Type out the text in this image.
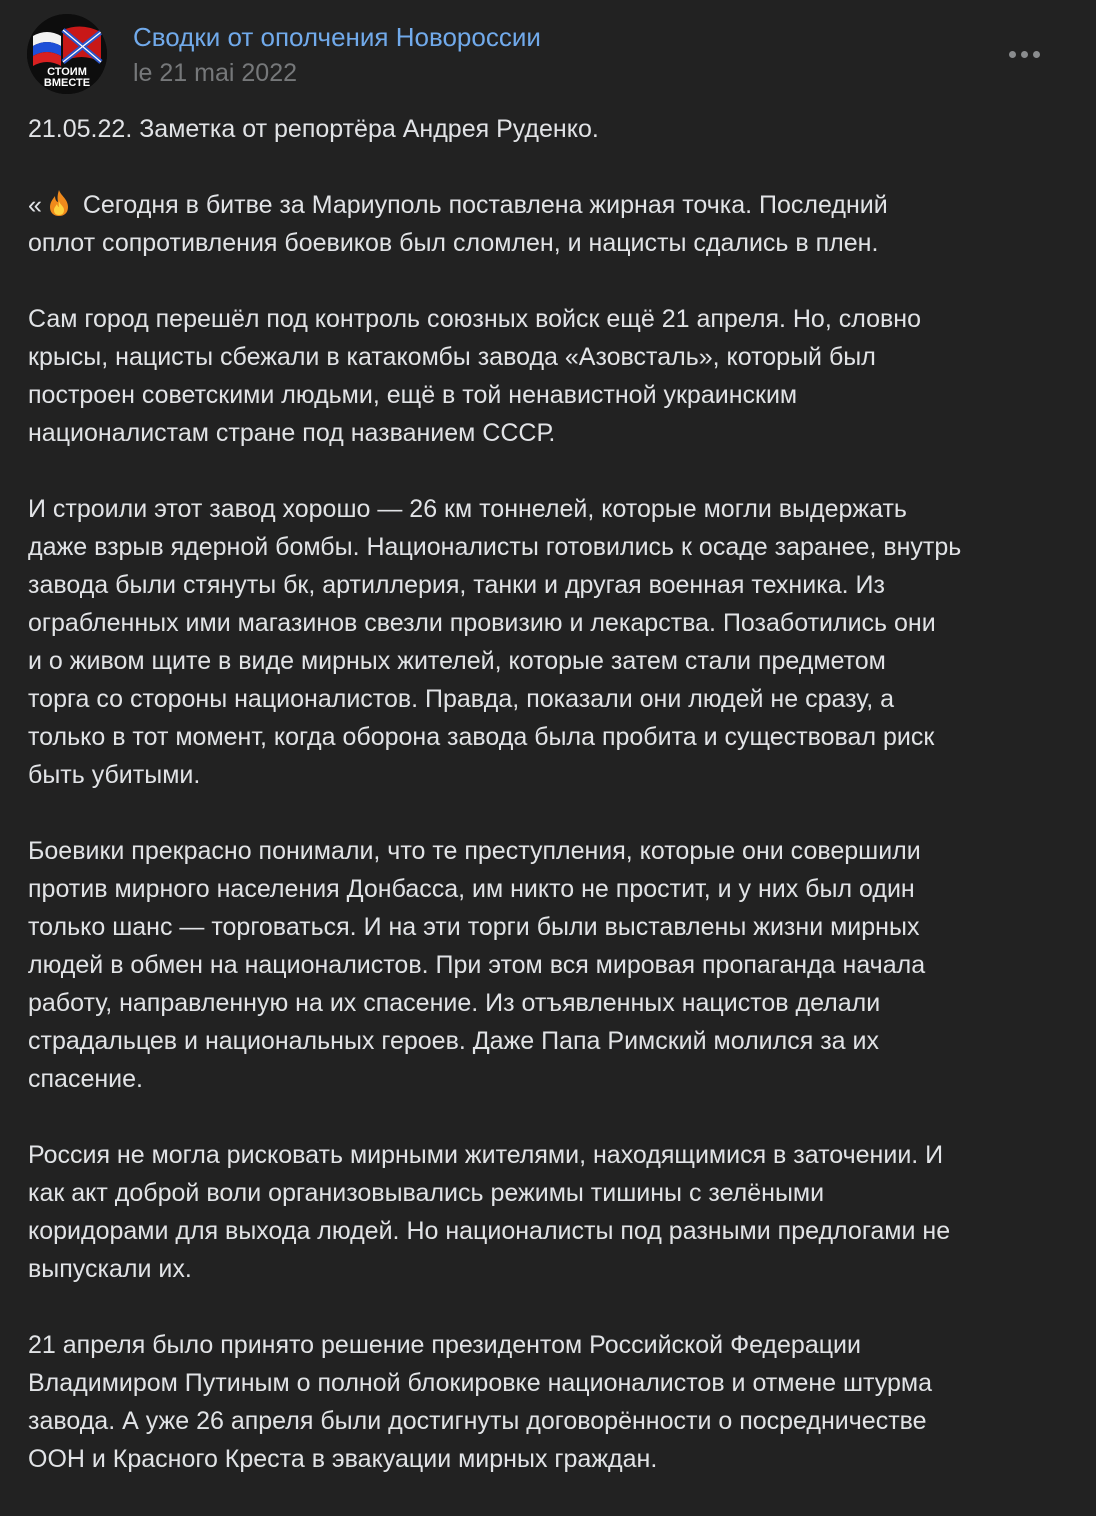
СТОИМ
ВМЕСТЕ
Сводки от ополчения Новороссии
le 21 mai 2022

21.05.22. Заметка от репортёра Андрея Руденко.

« Сегодня в битве за Мариуполь поставлена жирная точка. Последний
оплот сопротивления боевиков был сломлен, и нацисты сдались в плен.

Сам город перешёл под контроль союзных войск ещё 21 апреля. Но, словно
крысы, нацисты сбежали в катакомбы завода «Азовсталь», который был
построен советскими людьми, ещё в той ненавистной украинским
националистам стране под названием СССР.

И строили этот завод хорошо — 26 км тоннелей, которые могли выдержать
даже взрыв ядерной бомбы. Националисты готовились к осаде заранее, внутрь
завода были стянуты бк, артиллерия, танки и другая военная техника. Из
ограбленных ими магазинов свезли провизию и лекарства. Позаботились они
и о живом щите в виде мирных жителей, которые затем стали предметом
торга со стороны националистов. Правда, показали они людей не сразу, а
только в тот момент, когда оборона завода была пробита и существовал риск
быть убитыми.

Боевики прекрасно понимали, что те преступления, которые они совершили
против мирного населения Донбасса, им никто не простит, и у них был один
только шанс — торговаться. И на эти торги были выставлены жизни мирных
людей в обмен на националистов. При этом вся мировая пропаганда начала
работу, направленную на их спасение. Из отъявленных нацистов делали
страдальцев и национальных героев. Даже Папа Римский молился за их
спасение.

Россия не могла рисковать мирными жителями, находящимися в заточении. И
как акт доброй воли организовывались режимы тишины с зелёными
коридорами для выхода людей. Но националисты под разными предлогами не
выпускали их.

21 апреля было принято решение президентом Российской Федерации
Владимиром Путиным о полной блокировке националистов и отмене штурма
завода. А уже 26 апреля были достигнуты договорённости о посредничестве
ООН и Красного Креста в эвакуации мирных граждан.
